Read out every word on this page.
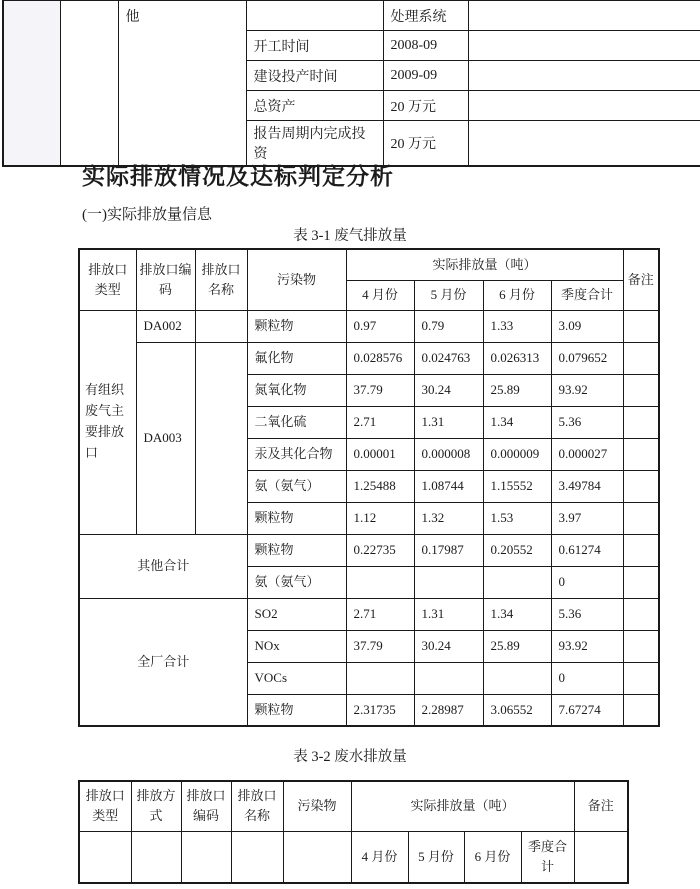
		他		处理系统	
			开工时间	2008-09	
			建设投产时间	2009-09	
			总资产	20 万元	
			报告周期内完成投资	20 万元	
实际排放情况及达标判定分析
(一)实际排放量信息
表 3-1 废气排放量
排放口类型	排放口编码	排放口名称	污染物	实际排放量（吨）				备注
				4 月份	5 月份	6 月份	季度合计	
有组织废气主要排放口	DA002		颗粒物	0.97	0.79	1.33	3.09	
	DA003		氟化物	0.028576	0.024763	0.026313	0.079652	
			氮氧化物	37.79	30.24	25.89	93.92	
			二氧化硫	2.71	1.31	1.34	5.36	
			汞及其化合物	0.00001	0.000008	0.000009	0.000027	
			氨（氨气）	1.25488	1.08744	1.15552	3.49784	
			颗粒物	1.12	1.32	1.53	3.97	
其他合计			颗粒物	0.22735	0.17987	0.20552	0.61274	
			氨（氨气）				0	
全厂合计			SO2	2.71	1.31	1.34	5.36	
			NOx	37.79	30.24	25.89	93.92	
			VOCs				0	
			颗粒物	2.31735	2.28987	3.06552	7.67274	
表 3-2 废水排放量
排放口类型	排放方式	排放口编码	排放口名称	污染物	实际排放量（吨）				备注
					4 月份	5 月份	6 月份	季度合计	
